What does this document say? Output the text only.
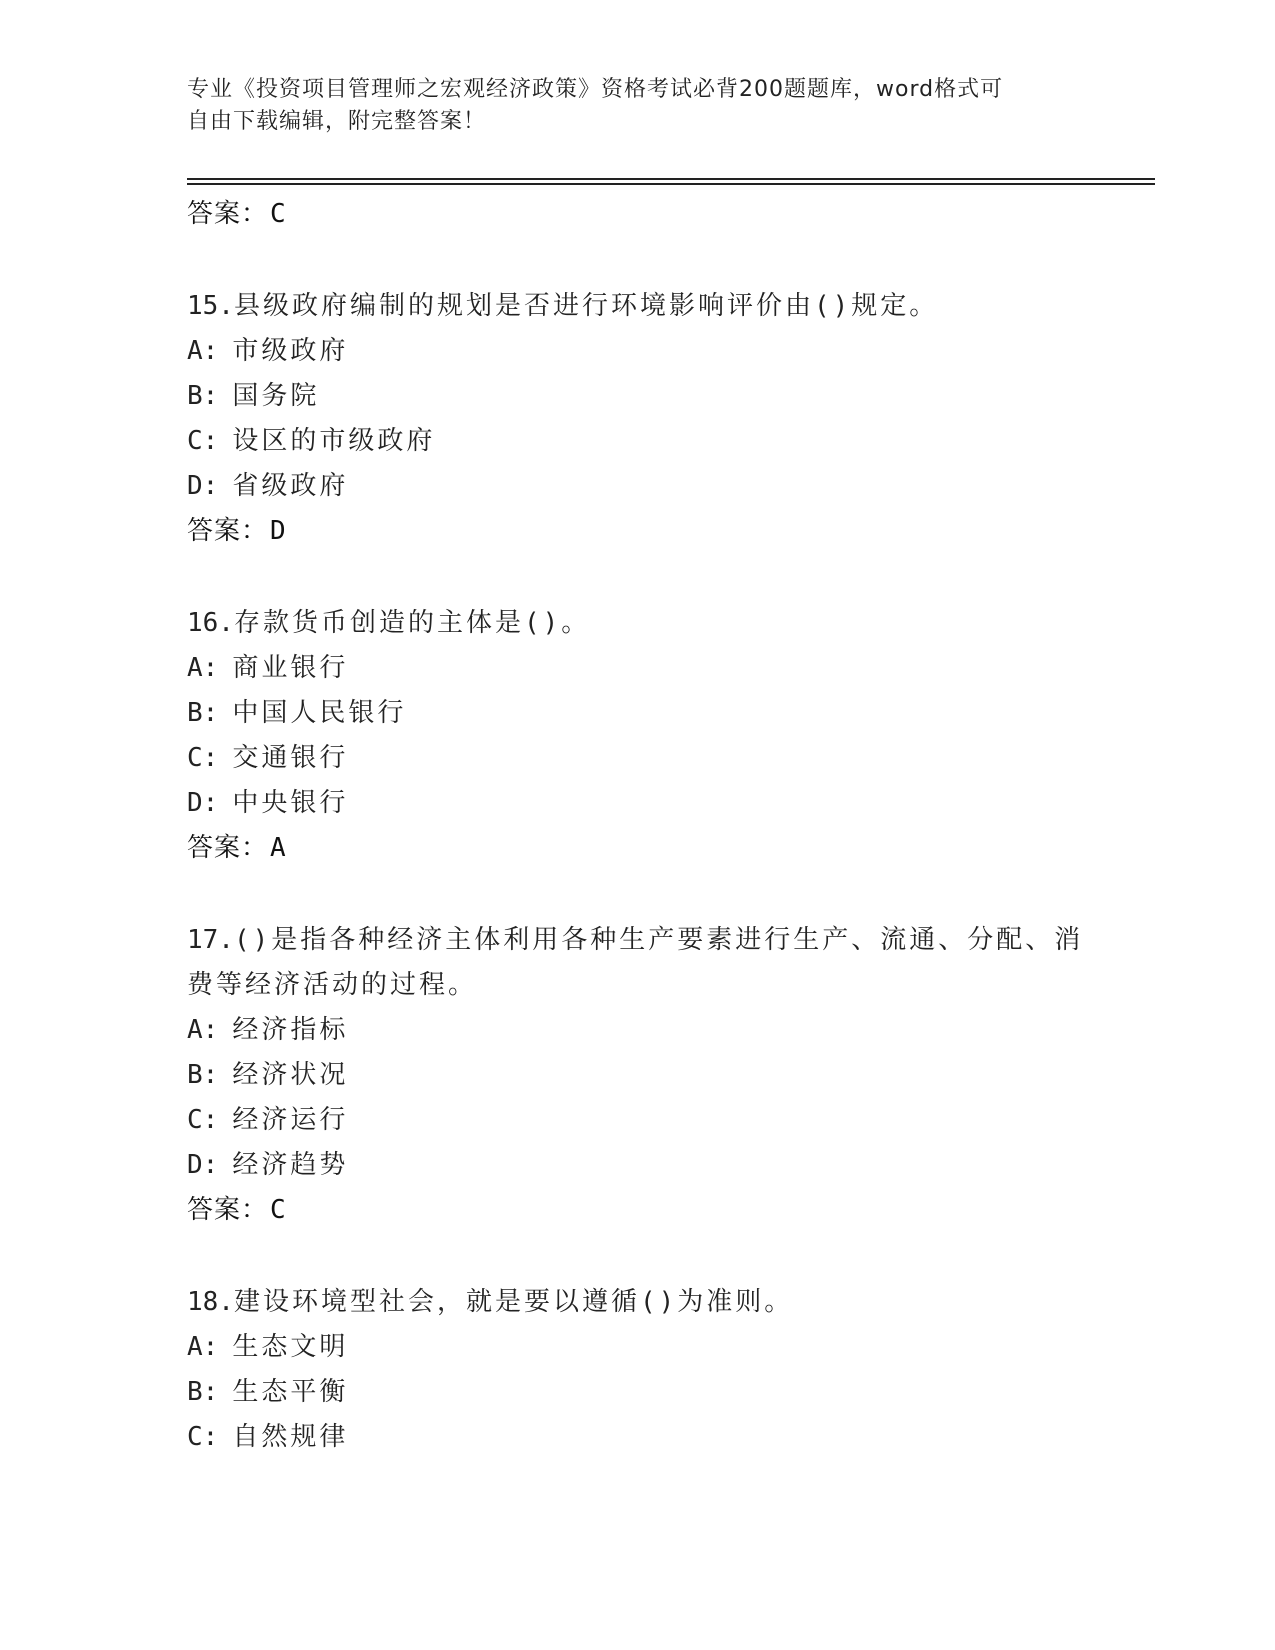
专业《投资项目管理师之宏观经济政策》资格考试必背200题题库，word格式可
自由下载编辑，附完整答案！
答案：C
15.县级政府编制的规划是否进行环境影响评价由()规定。
A: 市级政府
B: 国务院
C: 设区的市级政府
D: 省级政府
答案：D
16.存款货币创造的主体是()。
A: 商业银行
B: 中国人民银行
C: 交通银行
D: 中央银行
答案：A
17.()是指各种经济主体利用各种生产要素进行生产、流通、分配、消
费等经济活动的过程。
A: 经济指标
B: 经济状况
C: 经济运行
D: 经济趋势
答案：C
18.建设环境型社会，就是要以遵循()为准则。
A: 生态文明
B: 生态平衡
C: 自然规律
